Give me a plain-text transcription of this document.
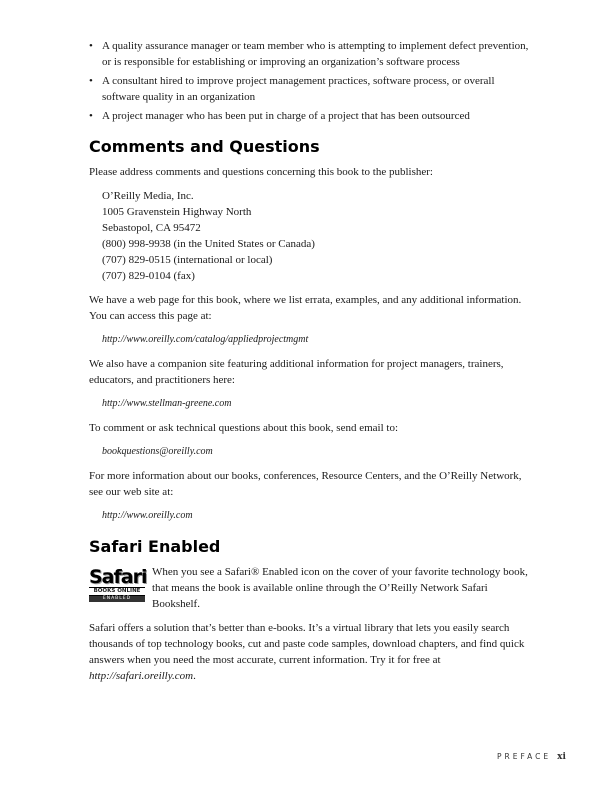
• A quality assurance manager or team member who is attempting to implement defect prevention, or is responsible for establishing or improving an organization’s software process
• A consultant hired to improve project management practices, software process, or overall software quality in an organization
• A project manager who has been put in charge of a project that has been outsourced
Comments and Questions

Please address comments and questions concerning this book to the publisher:

O’Reilly Media, Inc.
1005 Gravenstein Highway North
Sebastopol, CA 95472
(800) 998-9938 (in the United States or Canada)
(707) 829-0515 (international or local)
(707) 829-0104 (fax)

We have a web page for this book, where we list errata, examples, and any additional information. You can access this page at:

http://www.oreilly.com/catalog/appliedprojectmgmt

We also have a companion site featuring additional information for project managers, trainers, educators, and practitioners here:

http://www.stellman-greene.com

To comment or ask technical questions about this book, send email to:

bookquestions@oreilly.com

For more information about our books, conferences, Resource Centers, and the O’Reilly Network, see our web site at:

http://www.oreilly.com
Safari Enabled
Safari
BOOKS ONLINE
ENABLED

When you see a Safari® Enabled icon on the cover of your favorite technology book, that means the book is available online through the O’Reilly Network Safari Bookshelf.

Safari offers a solution that’s better than e-books. It’s a virtual library that lets you easily search thousands of top technology books, cut and paste code samples, download chapters, and find quick answers when you need the most accurate, current information. Try it for free at http://safari.oreilly.com.

PREFACE xi
